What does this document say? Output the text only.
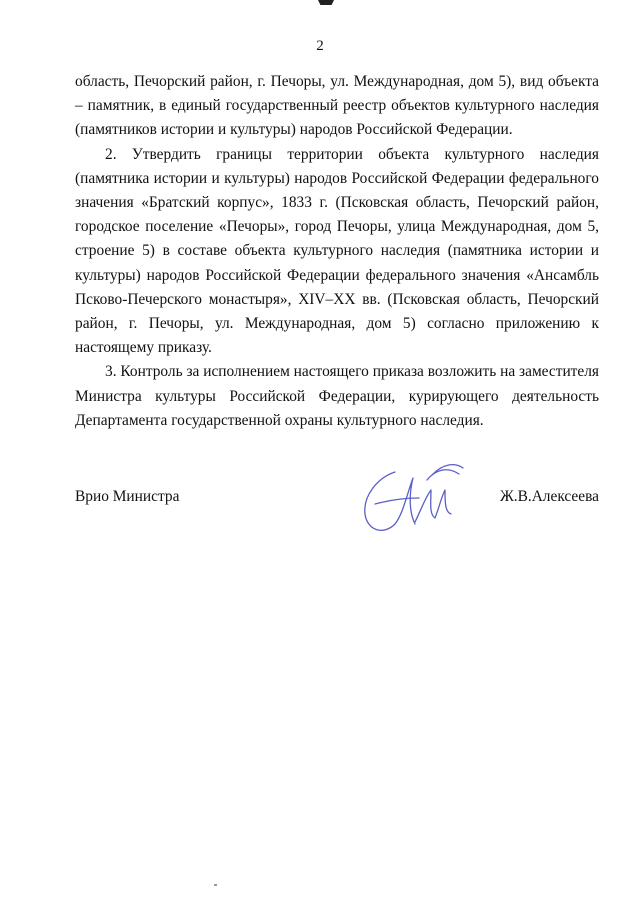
2

область, Печорский район, г. Печоры, ул. Международная, дом 5), вид объекта – памятник, в единый государственный реестр объектов культурного наследия (памятников истории и культуры) народов Российской Федерации.

2. Утвердить границы территории объекта культурного наследия (памятника истории и культуры) народов Российской Федерации федерального значения «Братский корпус», 1833 г. (Псковская область, Печорский район, городское поселение «Печоры», город Печоры, улица Международная, дом 5, строение 5) в составе объекта культурного наследия (памятника истории и культуры) народов Российской Федерации федерального значения «Ансамбль Псково-Печерского монастыря», XIV–XX вв. (Псковская область, Печорский район, г. Печоры, ул. Международная, дом 5) согласно приложению к настоящему приказу.

3. Контроль за исполнением настоящего приказа возложить на заместителя Министра культуры Российской Федерации, курирующего деятельность Департамента государственной охраны культурного наследия.

Врио Министра	Ж.В.Алексеева
